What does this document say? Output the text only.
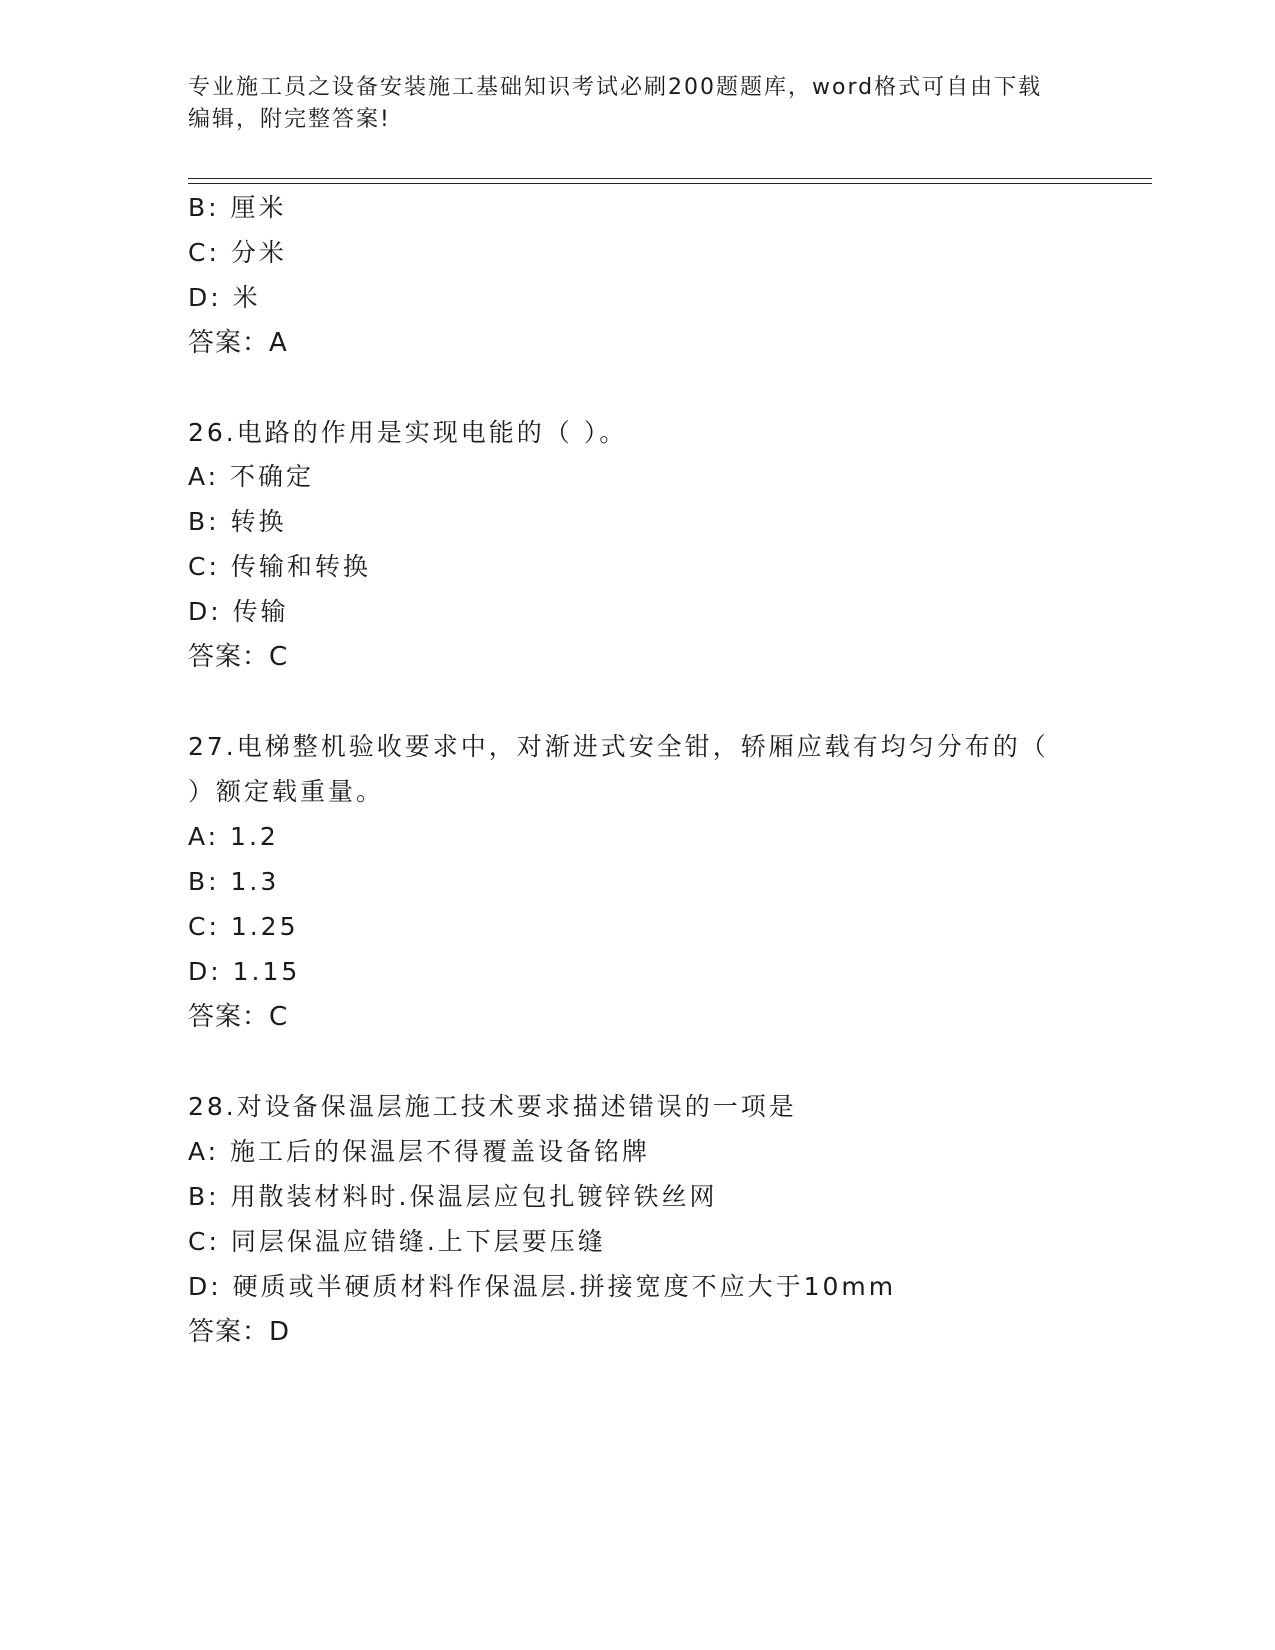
专业施工员之设备安装施工基础知识考试必刷200题题库，word格式可自由下载
编辑，附完整答案!
B: 厘米
C: 分米
D: 米
答案：A
26.电路的作用是实现电能的（ ）。
A: 不确定
B: 转换
C: 传输和转换
D: 传输
答案：C
27.电梯整机验收要求中，对渐进式安全钳，轿厢应载有均匀分布的（
）额定载重量。
A: 1.2
B: 1.3
C: 1.25
D: 1.15
答案：C
28.对设备保温层施工技术要求描述错误的一项是
A: 施工后的保温层不得覆盖设备铭牌
B: 用散装材料时.保温层应包扎镀锌铁丝网
C: 同层保温应错缝.上下层要压缝
D: 硬质或半硬质材料作保温层.拼接宽度不应大于10mm
答案：D
